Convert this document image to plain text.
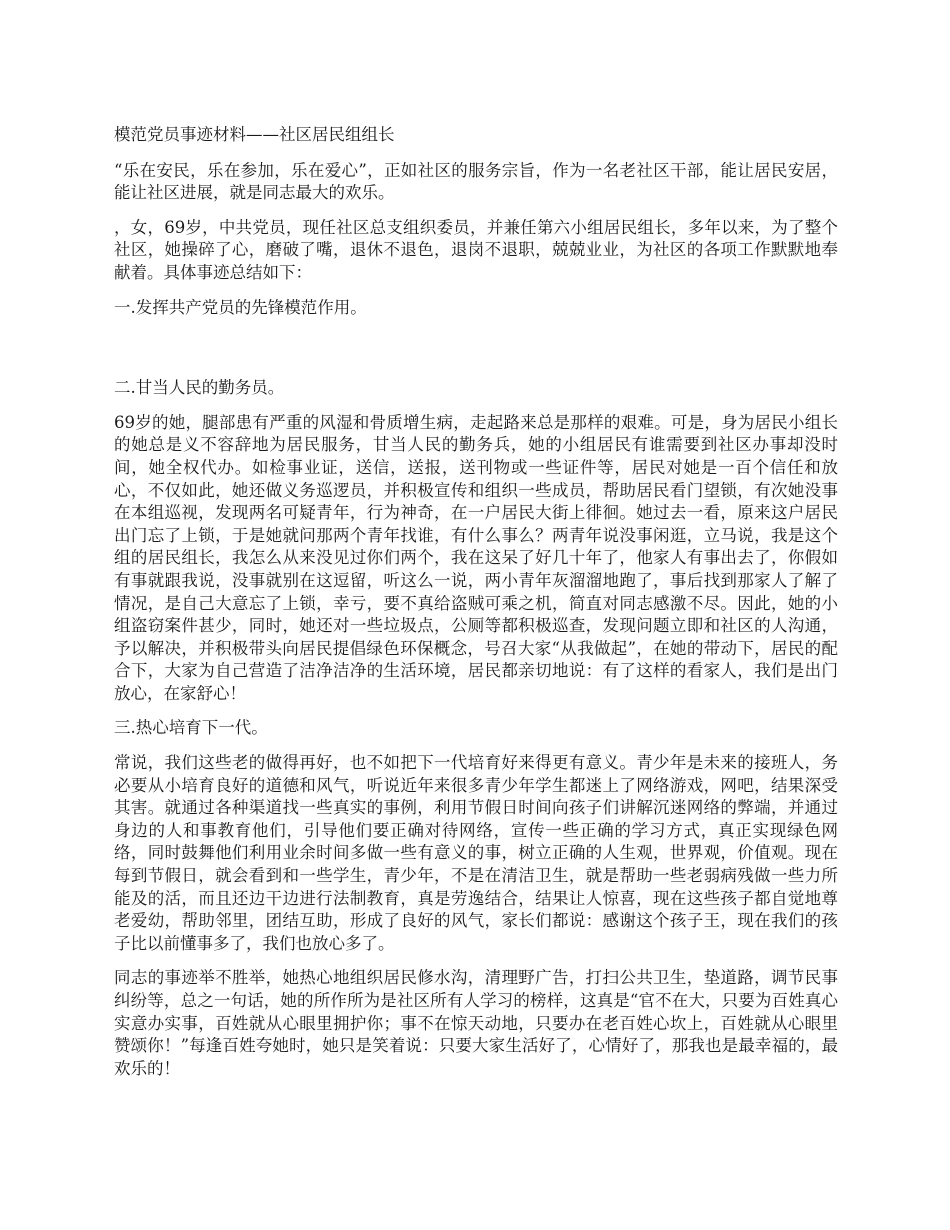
模范党员事迹材料——社区居民组组长

“乐在安民，乐在参加，乐在爱心”，正如社区的服务宗旨，作为一名老社区干部，能让居民安居，能让社区进展，就是同志最大的欢乐。

，女，69岁，中共党员，现任社区总支组织委员，并兼任第六小组居民组长，多年以来，为了整个社区，她操碎了心，磨破了嘴，退休不退色，退岗不退职，兢兢业业，为社区的各项工作默默地奉献着。具体事迹总结如下：

一.发挥共产党员的先锋模范作用。

二.甘当人民的勤务员。

69岁的她，腿部患有严重的风湿和骨质增生病，走起路来总是那样的艰难。可是，身为居民小组长的她总是义不容辞地为居民服务，甘当人民的勤务兵，她的小组居民有谁需要到社区办事却没时间，她全权代办。如检事业证，送信，送报，送刊物或一些证件等，居民对她是一百个信任和放心，不仅如此，她还做义务巡逻员，并积极宣传和组织一些成员，帮助居民看门望锁，有次她没事在本组巡视，发现两名可疑青年，行为神奇，在一户居民大街上徘徊。她过去一看，原来这户居民出门忘了上锁，于是她就问那两个青年找谁，有什么事么？两青年说没事闲逛，立马说，我是这个组的居民组长，我怎么从来没见过你们两个，我在这呆了好几十年了，他家人有事出去了，你假如有事就跟我说，没事就别在这逗留，听这么一说，两小青年灰溜溜地跑了，事后找到那家人了解了情况，是自己大意忘了上锁，幸亏，要不真给盗贼可乘之机，简直对同志感激不尽。因此，她的小组盗窃案件甚少，同时，她还对一些垃圾点，公厕等都积极巡查，发现问题立即和社区的人沟通，予以解决，并积极带头向居民提倡绿色环保概念，号召大家“从我做起”，在她的带动下，居民的配合下，大家为自己营造了洁净洁净的生活环境，居民都亲切地说：有了这样的看家人，我们是出门放心，在家舒心！

三.热心培育下一代。

常说，我们这些老的做得再好，也不如把下一代培育好来得更有意义。青少年是未来的接班人，务必要从小培育良好的道德和风气，听说近年来很多青少年学生都迷上了网络游戏，网吧，结果深受其害。就通过各种渠道找一些真实的事例，利用节假日时间向孩子们讲解沉迷网络的弊端，并通过身边的人和事教育他们，引导他们要正确对待网络，宣传一些正确的学习方式，真正实现绿色网络，同时鼓舞他们利用业余时间多做一些有意义的事，树立正确的人生观，世界观，价值观。现在每到节假日，就会看到和一些学生，青少年，不是在清洁卫生，就是帮助一些老弱病残做一些力所能及的活，而且还边干边进行法制教育，真是劳逸结合，结果让人惊喜，现在这些孩子都自觉地尊老爱幼，帮助邻里，团结互助，形成了良好的风气，家长们都说：感谢这个孩子王，现在我们的孩子比以前懂事多了，我们也放心多了。

同志的事迹举不胜举，她热心地组织居民修水沟，清理野广告，打扫公共卫生，垫道路，调节民事纠纷等，总之一句话，她的所作所为是社区所有人学习的榜样，这真是“官不在大，只要为百姓真心实意办实事，百姓就从心眼里拥护你；事不在惊天动地，只要办在老百姓心坎上，百姓就从心眼里赞颂你！”每逢百姓夸她时，她只是笑着说：只要大家生活好了，心情好了，那我也是最幸福的，最欢乐的！
